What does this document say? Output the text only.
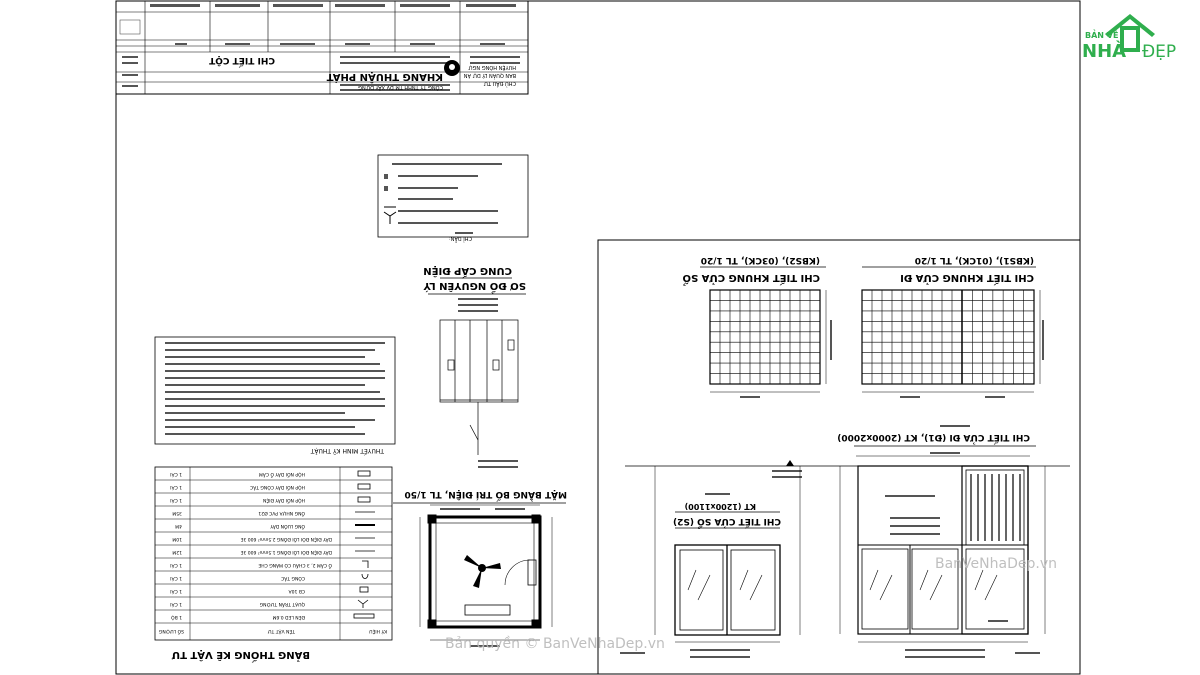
BẢN VẼ
NHÀ ĐẸP
CHI TIẾT CỘT
KHANG THUẬN PHÁT
CÔNG TY TNHH TM DV XÂY DỰNG
HUYỆN HÒNG NGỰ
BAN QUẢN LÝ DỰ ÁN
CHỦ ĐẦU TƯ
CHỈ DẪN:
CUNG CẤP ĐIỆN
SƠ ĐỒ NGUYÊN LÝ
THUYẾT MINH KỸ THUẬT
HỘP NỐI DÂY Ổ CẮM
1 CÁI
HỘP NỐI DÂY CÔNG TẮC
1 CÁI
HỘP NỐI DÂY ĐIỆN
1 CÁI
ỐNG NHỰA PVC Ø21
35M
ỐNG LUỒN DÂY
4M
DÂY ĐIỆN ĐÔI LÕI ĐỒNG 2.5mm² 600 3E
10M
DÂY ĐIỆN ĐÔI LÕI ĐỒNG 1.5mm² 600 3E
12M
Ổ CẮM 2, 3 CHẤU CÓ MÀNG CHE
1 CÁI
CÔNG TẮC
1 CÁI
CB 10A
1 CÁI
QUẠT TRẦN TƯỜNG
1 CÁI
ĐÈN LED 0.6M
1 BỘ
KÝ HIỆU
TÊN VẬT TƯ
SỐ LƯỢNG
BẢNG THỐNG KÊ VẬT TƯ
MẶT BẰNG BỐ TRÍ ĐIỆN, TL 1/50
(KBS2), (03CK), TL 1/20
CHI TIẾT KHUNG CỬA SỔ
(KBS1), (01CK), TL 1/20
CHI TIẾT KHUNG CỬA ĐI
CHI TIẾT CỬA ĐI (Đ1), KT (2000x2000)
KT (1200x1100)
CHI TIẾT CỬA SỔ (S2)
Bản quyền © BanVeNhaDep.vn
BanVeNhaDep.vn
